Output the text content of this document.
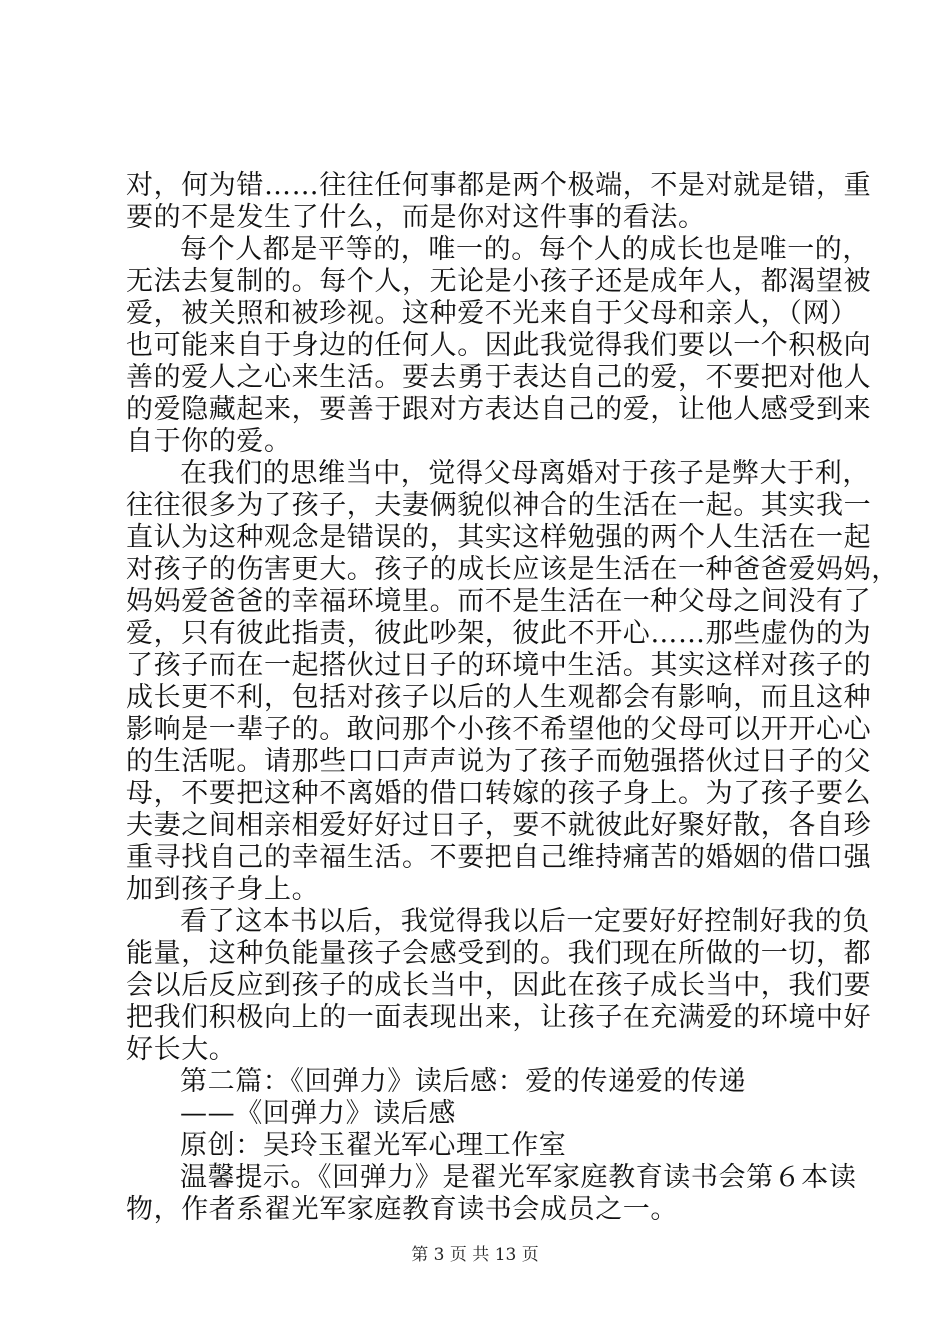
对，何为错……往往任何事都是两个极端，不是对就是错，重
要的不是发生了什么，而是你对这件事的看法。
每个人都是平等的，唯一的。每个人的成长也是唯一的，
无法去复制的。每个人，无论是小孩子还是成年人，都渴望被
爱，被关照和被珍视。这种爱不光来自于父母和亲人，（网）
也可能来自于身边的任何人。因此我觉得我们要以一个积极向
善的爱人之心来生活。要去勇于表达自己的爱，不要把对他人
的爱隐藏起来，要善于跟对方表达自己的爱，让他人感受到来
自于你的爱。
在我们的思维当中，觉得父母离婚对于孩子是弊大于利，
往往很多为了孩子，夫妻俩貌似神合的生活在一起。其实我一
直认为这种观念是错误的，其实这样勉强的两个人生活在一起
对孩子的伤害更大。孩子的成长应该是生活在一种爸爸爱妈妈，
妈妈爱爸爸的幸福环境里。而不是生活在一种父母之间没有了
爱，只有彼此指责，彼此吵架，彼此不开心……那些虚伪的为
了孩子而在一起搭伙过日子的环境中生活。其实这样对孩子的
成长更不利，包括对孩子以后的人生观都会有影响，而且这种
影响是一辈子的。敢问那个小孩不希望他的父母可以开开心心
的生活呢。请那些口口声声说为了孩子而勉强搭伙过日子的父
母，不要把这种不离婚的借口转嫁的孩子身上。为了孩子要么
夫妻之间相亲相爱好好过日子，要不就彼此好聚好散，各自珍
重寻找自己的幸福生活。不要把自己维持痛苦的婚姻的借口强
加到孩子身上。
看了这本书以后，我觉得我以后一定要好好控制好我的负
能量，这种负能量孩子会感受到的。我们现在所做的一切，都
会以后反应到孩子的成长当中，因此在孩子成长当中，我们要
把我们积极向上的一面表现出来，让孩子在充满爱的环境中好
好长大。
第二篇：《回弹力》读后感：爱的传递爱的传递
——《回弹力》读后感
原创：吴玲玉翟光军心理工作室
温馨提示。《回弹力》是翟光军家庭教育读书会第６本读
物，作者系翟光军家庭教育读书会成员之一。
第 3 页 共 13 页
